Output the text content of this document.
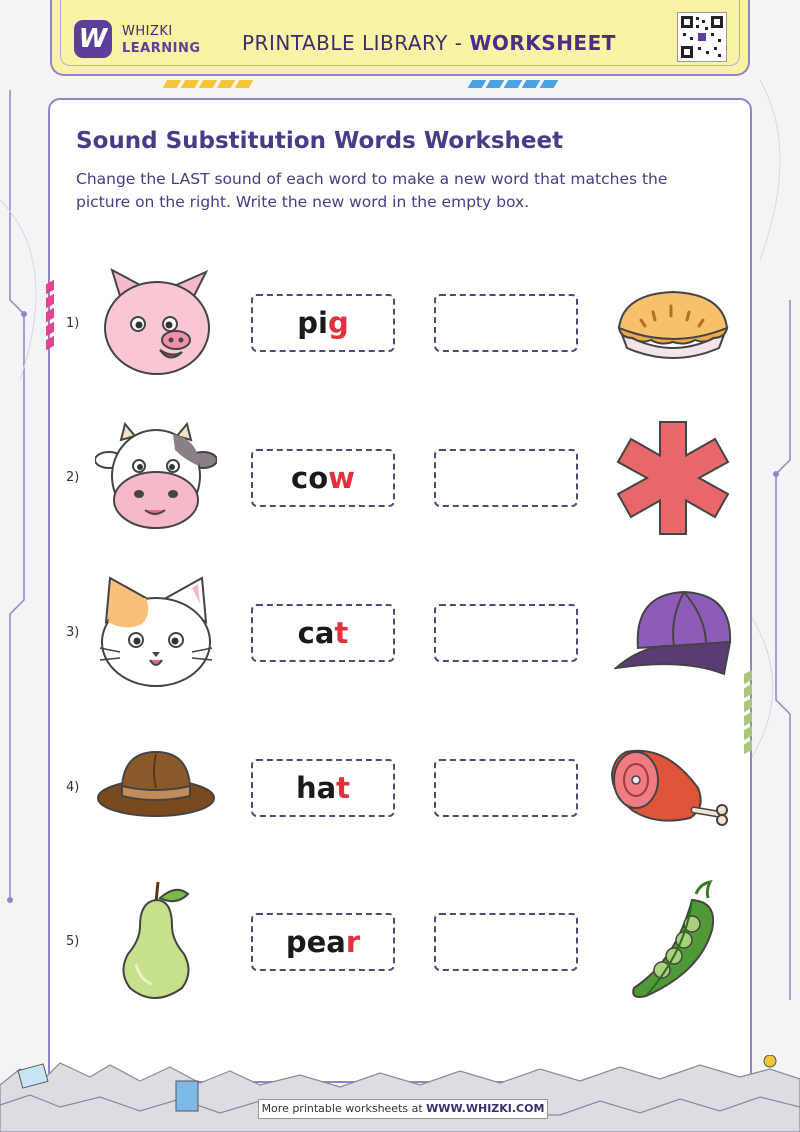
W	WHIZKI
LEARNING PRINTABLE LIBRARY - WORKSHEET
Sound Substitution Words Worksheet
Change the LAST sound of each word to make a new word that matches the picture on the right. Write the new word in the empty box.
1)	pig
2)	cow
3)	cat
4)	hat
5)	pear
More printable worksheets at WWW.WHIZKI.COM
